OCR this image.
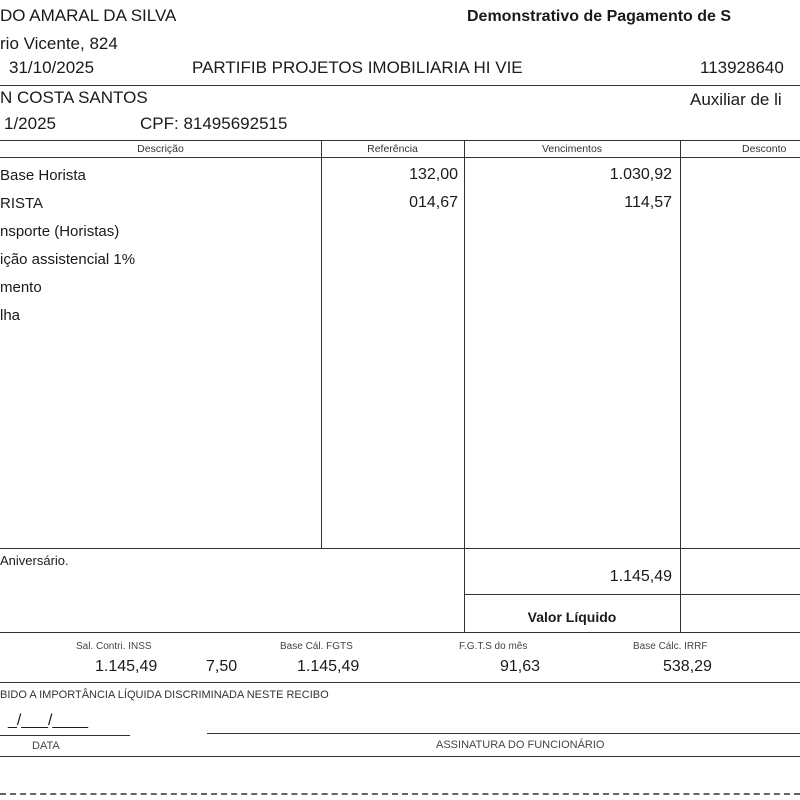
DO AMARAL DA SILVA	Demonstrativo de Pagamento de S
rio Vicente, 824
31/10/2025	PARTIFIB PROJETOS IMOBILIARIA HI VIE	113928640
N COSTA SANTOS	Auxiliar de li
1/2025	CPF: 81495692515
Descrição	Referência	Vencimentos	Desconto
Base Horista	132,00	1.030,92
RISTA	014,67	114,57
nsporte (Horistas)
ição assistencial 1%
mento
lha
Aniversário.
1.145,49
Valor Líquido
Sal. Contri. INSS	Base Cál. FGTS	F.G.T.S do mês	Base Cálc. IRRF
1.145,49	7,50	1.145,49	91,63	538,29
BIDO A IMPORTÂNCIA LÍQUIDA DISCRIMINADA NESTE RECIBO
_/___/____
DATA	ASSINATURA DO FUNCIONÁRIO
